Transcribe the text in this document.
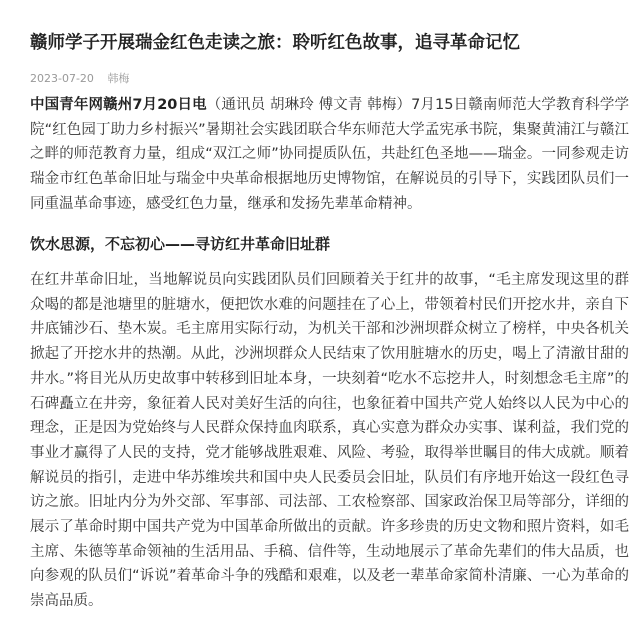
赣师学子开展瑞金红色走读之旅：聆听红色故事，追寻革命记忆
2023-07-20 韩梅

中国青年网赣州7月20日电（通讯员 胡琳玲 傅文青 韩梅）7月15日赣南师范大学教育科学学院“红色园丁助力乡村振兴”暑期社会实践团联合华东师范大学孟宪承书院，集聚黄浦江与赣江之畔的师范教育力量，组成“双江之师”协同提质队伍，共赴红色圣地——瑞金。一同参观走访瑞金市红色革命旧址与瑞金中央革命根据地历史博物馆，在解说员的引导下，实践团队员们一同重温革命事迹，感受红色力量，继承和发扬先辈革命精神。

饮水思源，不忘初心——寻访红井革命旧址群

在红井革命旧址，当地解说员向实践团队员们回顾着关于红井的故事，“毛主席发现这里的群众喝的都是池塘里的脏塘水，便把饮水难的问题挂在了心上，带领着村民们开挖水井，亲自下井底铺沙石、垫木炭。毛主席用实际行动，为机关干部和沙洲坝群众树立了榜样，中央各机关掀起了开挖水井的热潮。从此，沙洲坝群众人民结束了饮用脏塘水的历史，喝上了清澈甘甜的井水。”将目光从历史故事中转移到旧址本身，一块刻着“吃水不忘挖井人，时刻想念毛主席”的石碑矗立在井旁，象征着人民对美好生活的向往，也象征着中国共产党人始终以人民为中心的理念，正是因为党始终与人民群众保持血肉联系，真心实意为群众办实事、谋利益，我们党的事业才赢得了人民的支持，党才能够战胜艰难、风险、考验，取得举世瞩目的伟大成就。顺着解说员的指引，走进中华苏维埃共和国中央人民委员会旧址，队员们有序地开始这一段红色寻访之旅。旧址内分为外交部、军事部、司法部、工农检察部、国家政治保卫局等部分，详细的展示了革命时期中国共产党为中国革命所做出的贡献。许多珍贵的历史文物和照片资料，如毛主席、朱德等革命领袖的生活用品、手稿、信件等，生动地展示了革命先辈们的伟大品质，也向参观的队员们“诉说”着革命斗争的残酷和艰难，以及老一辈革命家简朴清廉、一心为革命的崇高品质。
